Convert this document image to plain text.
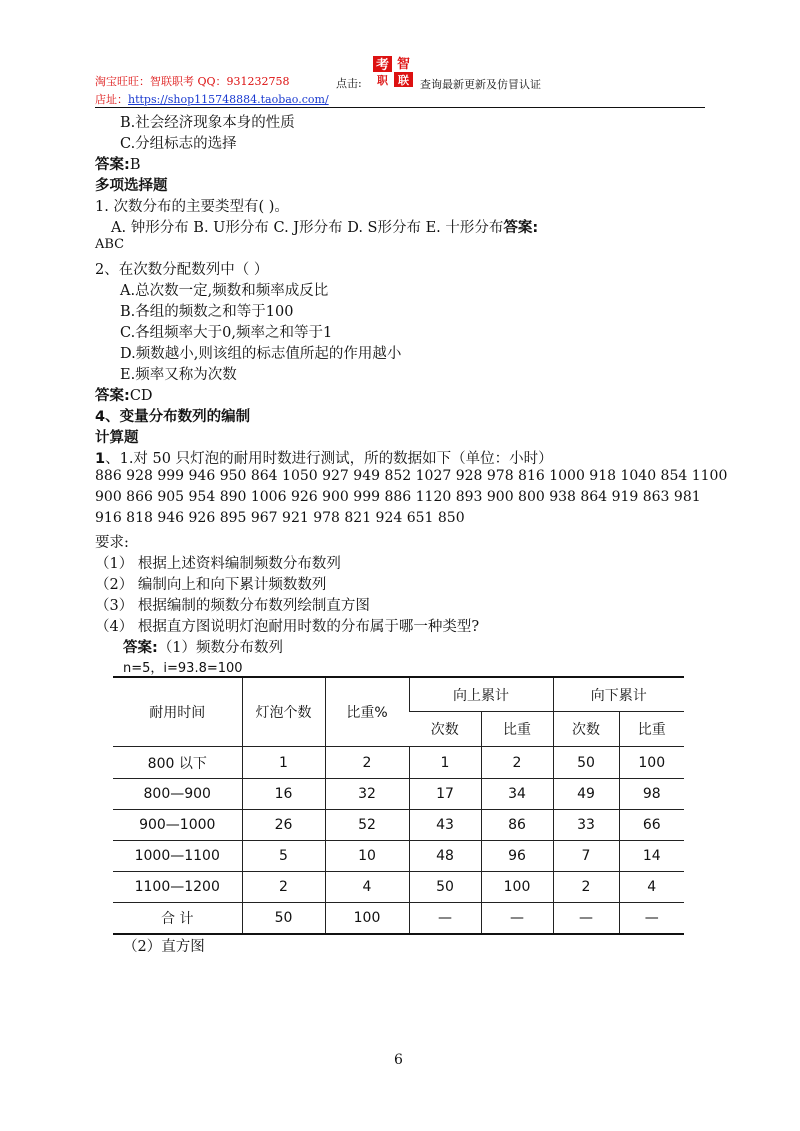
淘宝旺旺：智联职考 QQ：931232758	点击:
考 智
职 联 查询最新更新及仿冒认证
店址：https://shop115748884.taobao.com/
B.社会经济现象本身的性质
C.分组标志的选择
答案:B
多项选择题
1. 次数分布的主要类型有( )。
A. 钟形分布 B. U形分布 C. J形分布 D. S形分布 E. 十形分布答案:
ABC
2、在次数分配数列中（ ）
A.总次数一定,频数和频率成反比
B.各组的频数之和等于100
C.各组频率大于0,频率之和等于1
D.频数越小,则该组的标志值所起的作用越小
E.频率又称为次数
答案:CD
4、变量分布数列的编制
计算题
1、1.对 50 只灯泡的耐用时数进行测试，所的数据如下（单位：小时）
886 928 999 946 950 864 1050 927 949 852 1027 928 978 816 1000 918 1040 854 1100
900 866 905 954 890 1006 926 900 999 886 1120 893 900 800 938 864 919 863 981
916 818 946 926 895 967 921 978 821 924 651 850
要求:
（1） 根据上述资料编制频数分布数列
（2） 编制向上和向下累计频数数列
（3） 根据编制的频数分布数列绘制直方图
（4） 根据直方图说明灯泡耐用时数的分布属于哪一种类型?
答案:（1）频数分布数列
n=5，i=93.8=100
耐用时间	灯泡个数	比重%	向上累计		向下累计	
			次数	比重	次数	比重
800 以下	1	2	1	2	50	100
800—900	16	32	17	34	49	98
900—1000	26	52	43	86	33	66
1000—1100	5	10	48	96	7	14
1100—1200	2	4	50	100	2	4
合 计	50	100	—	—	—	—
（2）直方图
6
